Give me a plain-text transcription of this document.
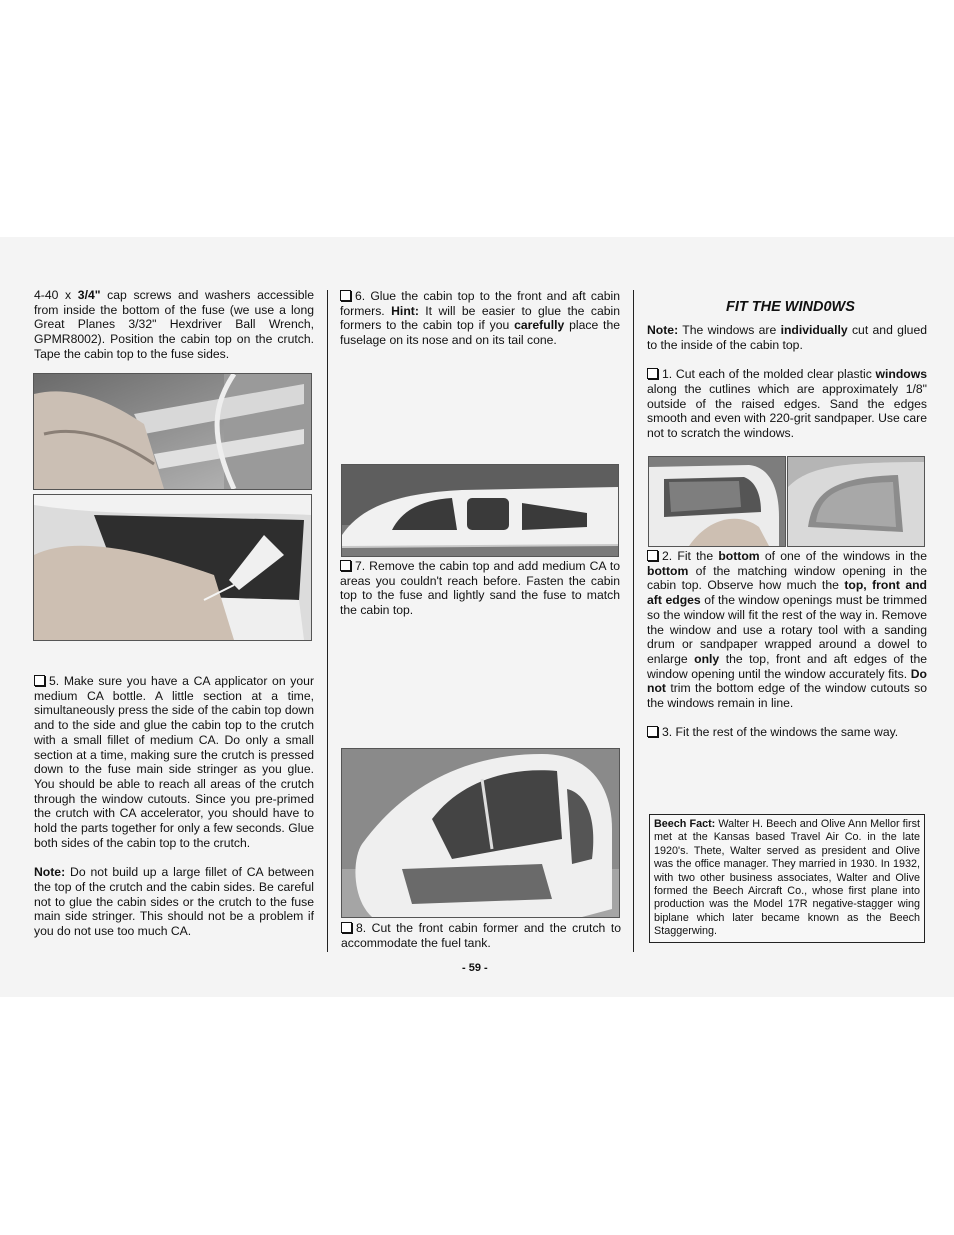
4-40 x 3/4" cap screws and washers accessible from inside the bottom of the fuse (we use a long Great Planes 3/32" Hexdriver Ball Wrench, GPMR8002). Position the cabin top on the crutch. Tape the cabin top to the fuse sides.

5. Make sure you have a CA applicator on your medium CA bottle. A little section at a time, simultaneously press the side of the cabin top down and to the side and glue the cabin top to the crutch with a small fillet of medium CA. Do only a small section at a time, making sure the crutch is pressed down to the fuse main side stringer as you glue. You should be able to reach all areas of the crutch through the window cutouts. Since you pre-primed the crutch with CA accelerator, you should have to hold the parts together for only a few seconds. Glue both sides of the cabin top to the crutch.

Note: Do not build up a large fillet of CA between the top of the crutch and the cabin sides. Be careful not to glue the cabin sides or the crutch to the fuse main side stringer. This should not be a problem if you do not use too much CA.

6. Glue the cabin top to the front and aft cabin formers. Hint: It will be easier to glue the cabin formers to the cabin top if you carefully place the fuselage on its nose and on its tail cone.

7. Remove the cabin top and add medium CA to areas you couldn't reach before. Fasten the cabin top to the fuse and lightly sand the fuse to match the cabin top.

8. Cut the front cabin former and the crutch to accommodate the fuel tank.

FIT THE WIND0WS

Note: The windows are individually cut and glued to the inside of the cabin top.

1. Cut each of the molded clear plastic windows along the cutlines which are approximately 1/8" outside of the raised edges. Sand the edges smooth and even with 220-grit sandpaper. Use care not to scratch the windows.

2. Fit the bottom of one of the windows in the bottom of the matching window opening in the cabin top. Observe how much the top, front and aft edges of the window openings must be trimmed so the window will fit the rest of the way in. Remove the window and use a rotary tool with a sanding drum or sandpaper wrapped around a dowel to enlarge only the top, front and aft edges of the window opening until the window accurately fits. Do not trim the bottom edge of the window cutouts so the windows remain in line.

3. Fit the rest of the windows the same way.

Beech Fact: Walter H. Beech and Olive Ann Mellor first met at the Kansas based Travel Air Co. in the late 1920's. Thete, Walter served as president and Olive was the office manager. They married in 1930. In 1932, with two other business associates, Walter and Olive formed the Beech Aircraft Co., whose first plane into production was the Model 17R negative-stagger wing biplane which later became known as the Beech Staggerwing.
- 59 -
